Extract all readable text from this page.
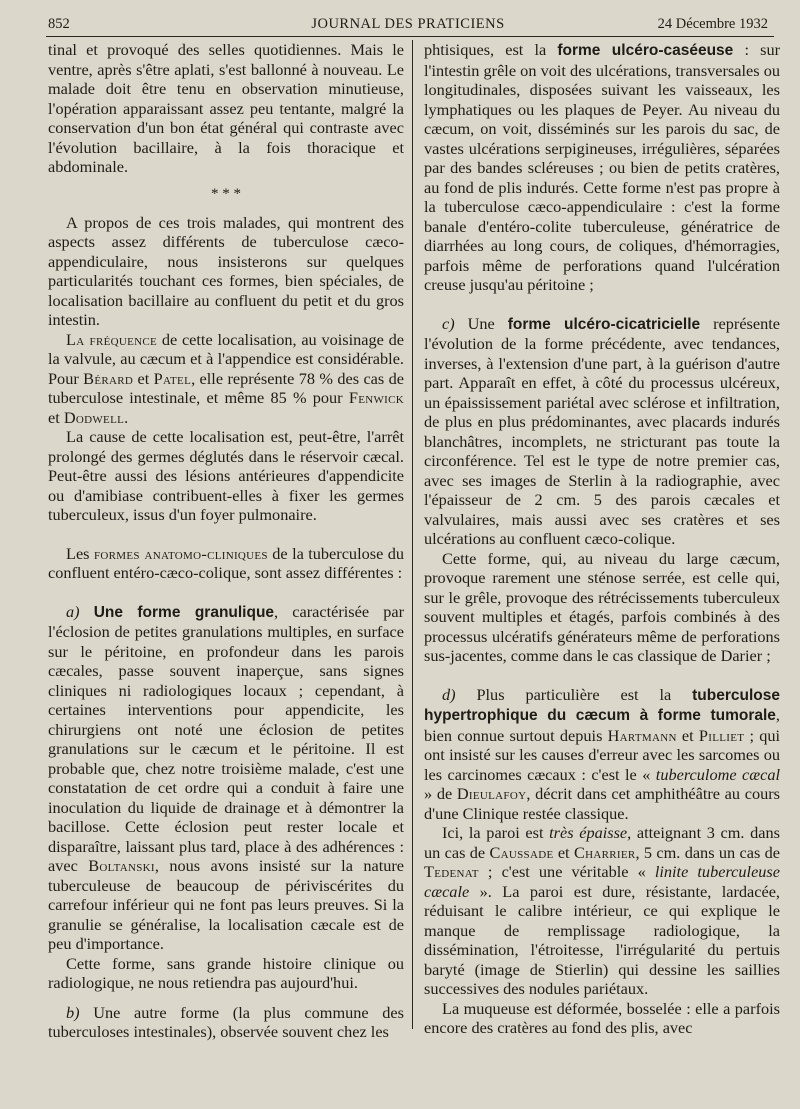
852	JOURNAL DES PRATICIENS	24 Décembre 1932

tinal et provoqué des selles quotidiennes. Mais le ventre, après s'être aplati, s'est ballonné à nouveau. Le malade doit être tenu en observation minutieuse, l'opération apparaissant assez peu tentante, malgré la conservation d'un bon état général qui contraste avec l'évolution bacillaire, à la fois thoracique et abdominale.

* * *

A propos de ces trois malades, qui montrent des aspects assez différents de tuberculose cæco-appendiculaire, nous insisterons sur quelques particularités touchant ces formes, bien spéciales, de localisation bacillaire au confluent du petit et du gros intestin.

La fréquence de cette localisation, au voisinage de la valvule, au cæcum et à l'appendice est considérable. Pour Bérard et Patel, elle représente 78 % des cas de tuberculose intestinale, et même 85 % pour Fenwick et Dodwell.

La cause de cette localisation est, peut-être, l'arrêt prolongé des germes déglutés dans le réservoir cæcal. Peut-être aussi des lésions antérieures d'appendicite ou d'amibiase contribuent-elles à fixer les germes tuberculeux, issus d'un foyer pulmonaire.

Les formes anatomo-cliniques de la tuberculose du confluent entéro-cæco-colique, sont assez différentes :

a) Une forme granulique, caractérisée par l'éclosion de petites granulations multiples, en surface sur le péritoine, en profondeur dans les parois cæcales, passe souvent inaperçue, sans signes cliniques ni radiologiques locaux ; cependant, à certaines interventions pour appendicite, les chirurgiens ont noté une éclosion de petites granulations sur le cæcum et le péritoine. Il est probable que, chez notre troisième malade, c'est une constatation de cet ordre qui a conduit à faire une inoculation du liquide de drainage et à démontrer la bacillose. Cette éclosion peut rester locale et disparaître, laissant plus tard, place à des adhérences : avec Boltanski, nous avons insisté sur la nature tuberculeuse de beaucoup de périviscérites du carrefour inférieur qui ne font pas leurs preuves. Si la granulie se généralise, la localisation cæcale est de peu d'importance.

Cette forme, sans grande histoire clinique ou radiologique, ne nous retiendra pas aujourd'hui.

b) Une autre forme (la plus commune des tuberculoses intestinales), observée souvent chez les

phtisiques, est la forme ulcéro-caséeuse : sur l'intestin grêle on voit des ulcérations, transversales ou longitudinales, disposées suivant les vaisseaux, les lymphatiques ou les plaques de Peyer. Au niveau du cæcum, on voit, disséminés sur les parois du sac, de vastes ulcérations serpigineuses, irrégulières, séparées par des bandes scléreuses ; ou bien de petits cratères, au fond de plis indurés. Cette forme n'est pas propre à la tuberculose cæco-appendiculaire : c'est la forme banale d'entéro-colite tuberculeuse, génératrice de diarrhées au long cours, de coliques, d'hémorragies, parfois même de perforations quand l'ulcération creuse jusqu'au péritoine ;

c) Une forme ulcéro-cicatricielle représente l'évolution de la forme précédente, avec tendances, inverses, à l'extension d'une part, à la guérison d'autre part. Apparaît en effet, à côté du processus ulcéreux, un épaississement pariétal avec sclérose et infiltration, de plus en plus prédominantes, avec placards indurés blanchâtres, incomplets, ne stricturant pas toute la circonférence. Tel est le type de notre premier cas, avec ses images de Sterlin à la radiographie, avec l'épaisseur de 2 cm. 5 des parois cæcales et valvulaires, mais aussi avec ses cratères et ses ulcérations au confluent cæco-colique.

Cette forme, qui, au niveau du large cæcum, provoque rarement une sténose serrée, est celle qui, sur le grêle, provoque des rétrécissements tuberculeux souvent multiples et étagés, parfois combinés à des processus ulcératifs générateurs même de perforations sus-jacentes, comme dans le cas classique de Darier ;

d) Plus particulière est la tuberculose hypertrophique du cæcum à forme tumorale, bien connue surtout depuis Hartmann et Pilliet ; qui ont insisté sur les causes d'erreur avec les sarcomes ou les carcinomes cæcaux : c'est le « tuberculome cæcal » de Dieulafoy, décrit dans cet amphithéâtre au cours d'une Clinique restée classique.

Ici, la paroi est très épaisse, atteignant 3 cm. dans un cas de Caussade et Charrier, 5 cm. dans un cas de Tedenat ; c'est une véritable « linite tuberculeuse cæcale ». La paroi est dure, résistante, lardacée, réduisant le calibre intérieur, ce qui explique le manque de remplissage radiologique, la dissémination, l'étroitesse, l'irrégularité du pertuis baryté (image de Stierlin) qui dessine les saillies successives des nodules pariétaux.

La muqueuse est déformée, bosselée : elle a parfois encore des cratères au fond des plis, avec
